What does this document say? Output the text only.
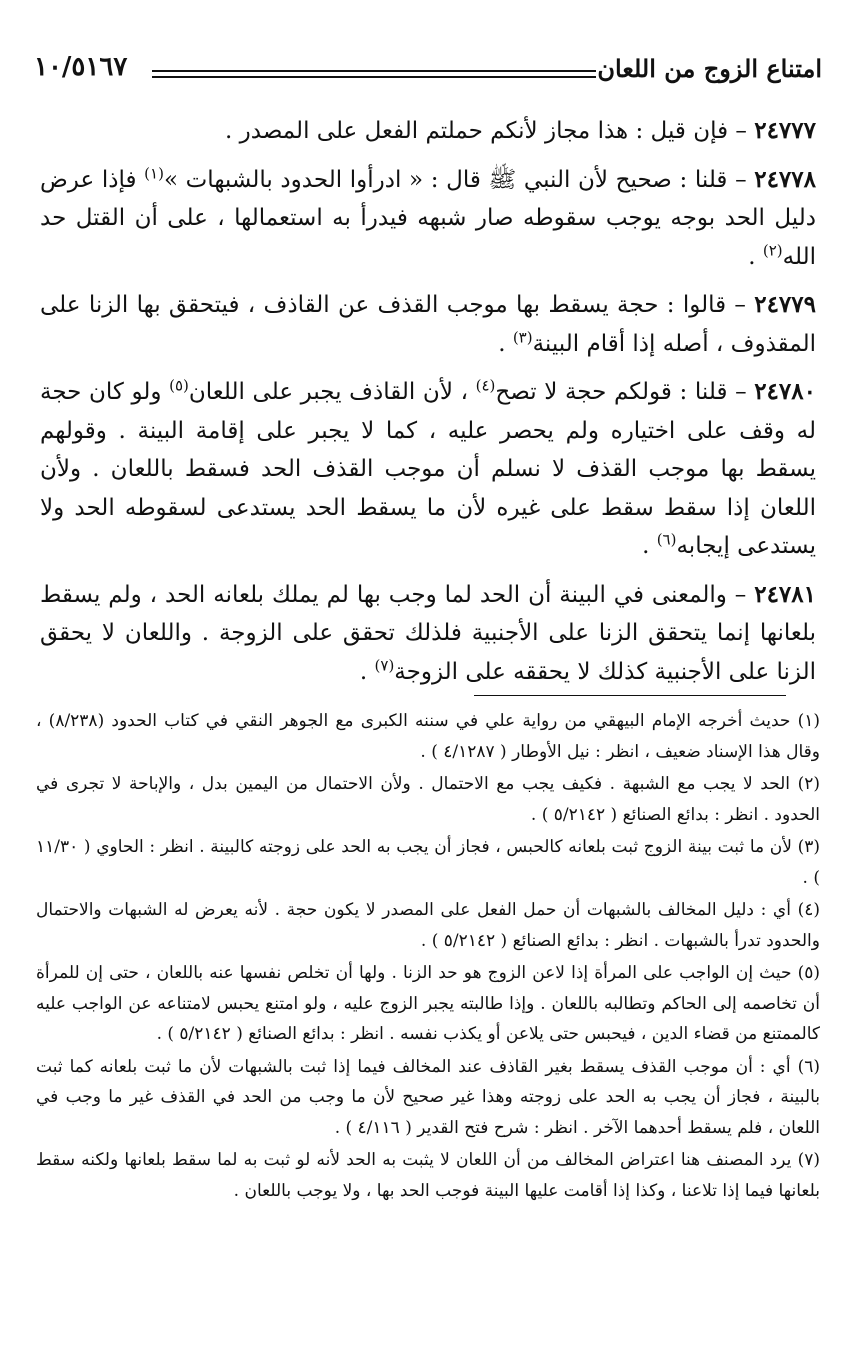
امتناع الزوج من اللعان
١٠/٥١٦٧

٢٤٧٧٧ – فإن قيل : هذا مجاز لأنكم حملتم الفعل على المصدر .

٢٤٧٧٨ – قلنا : صحيح لأن النبي ﷺ قال : « ادرأوا الحدود بالشبهات »$^{(١)}$ فإذا عرض دليل الحد بوجه يوجب سقوطه صار شبهه فيدرأ به استعمالها ، على أن القتل حد الله$^{(٢)}$ .

٢٤٧٧٩ – قالوا : حجة يسقط بها موجب القذف عن القاذف ، فيتحقق بها الزنا على المقذوف ، أصله إذا أقام البينة$^{(٣)}$ .

٢٤٧٨٠ – قلنا : قولكم حجة لا تصح$^{(٤)}$ ، لأن القاذف يجبر على اللعان$^{(٥)}$ ولو كان حجة له وقف على اختياره ولم يحصر عليه ، كما لا يجبر على إقامة البينة . وقولهم يسقط بها موجب القذف لا نسلم أن موجب القذف الحد فسقط باللعان . ولأن اللعان إذا سقط سقط على غيره لأن ما يسقط الحد يستدعى لسقوطه الحد ولا يستدعى إيجابه$^{(٦)}$ .

٢٤٧٨١ – والمعنى في البينة أن الحد لما وجب بها لم يملك بلعانه الحد ، ولم يسقط بلعانها إنما يتحقق الزنا على الأجنبية فلذلك تحقق على الزوجة . واللعان لا يحقق الزنا على الأجنبية كذلك لا يحققه على الزوجة$^{(٧)}$ .

(١) حديث أخرجه الإمام البيهقي من رواية علي في سننه الكبرى مع الجوهر النقي في كتاب الحدود (٨/٢٣٨) ، وقال هذا الإسناد ضعيف ، انظر : نيل الأوطار ( ٤/١٢٨٧ ) .

(٢) الحد لا يجب مع الشبهة . فكيف يجب مع الاحتمال . ولأن الاحتمال من اليمين بدل ، والإباحة لا تجرى في الحدود . انظر : بدائع الصنائع ( ٥/٢١٤٢ ) .

(٣) لأن ما ثبت بينة الزوج ثبت بلعانه كالحبس ، فجاز أن يجب به الحد على زوجته كالبينة . انظر : الحاوي ( ١١/٣٠ ) .

(٤) أي : دليل المخالف بالشبهات أن حمل الفعل على المصدر لا يكون حجة . لأنه يعرض له الشبهات والاحتمال والحدود تدرأ بالشبهات . انظر : بدائع الصنائع ( ٥/٢١٤٢ ) .

(٥) حيث إن الواجب على المرأة إذا لاعن الزوج هو حد الزنا . ولها أن تخلص نفسها عنه باللعان ، حتى إن للمرأة أن تخاصمه إلى الحاكم وتطالبه باللعان . وإذا طالبته يجبر الزوج عليه ، ولو امتنع يحبس لامتناعه عن الواجب عليه كالممتنع من قضاء الدين ، فيحبس حتى يلاعن أو يكذب نفسه . انظر : بدائع الصنائع ( ٥/٢١٤٢ ) .

(٦) أي : أن موجب القذف يسقط بغير القاذف عند المخالف فيما إذا ثبت بالشبهات لأن ما ثبت بلعانه كما ثبت بالبينة ، فجاز أن يجب به الحد على زوجته وهذا غير صحيح لأن ما وجب من الحد في القذف غير ما وجب في اللعان ، فلم يسقط أحدهما الآخر . انظر : شرح فتح القدير ( ٤/١١٦ ) .

(٧) يرد المصنف هنا اعتراض المخالف من أن اللعان لا يثبت به الحد لأنه لو ثبت به لما سقط بلعانها ولكنه سقط بلعانها فيما إذا تلاعنا ، وكذا إذا أقامت عليها البينة فوجب الحد بها ، ولا يوجب باللعان .
